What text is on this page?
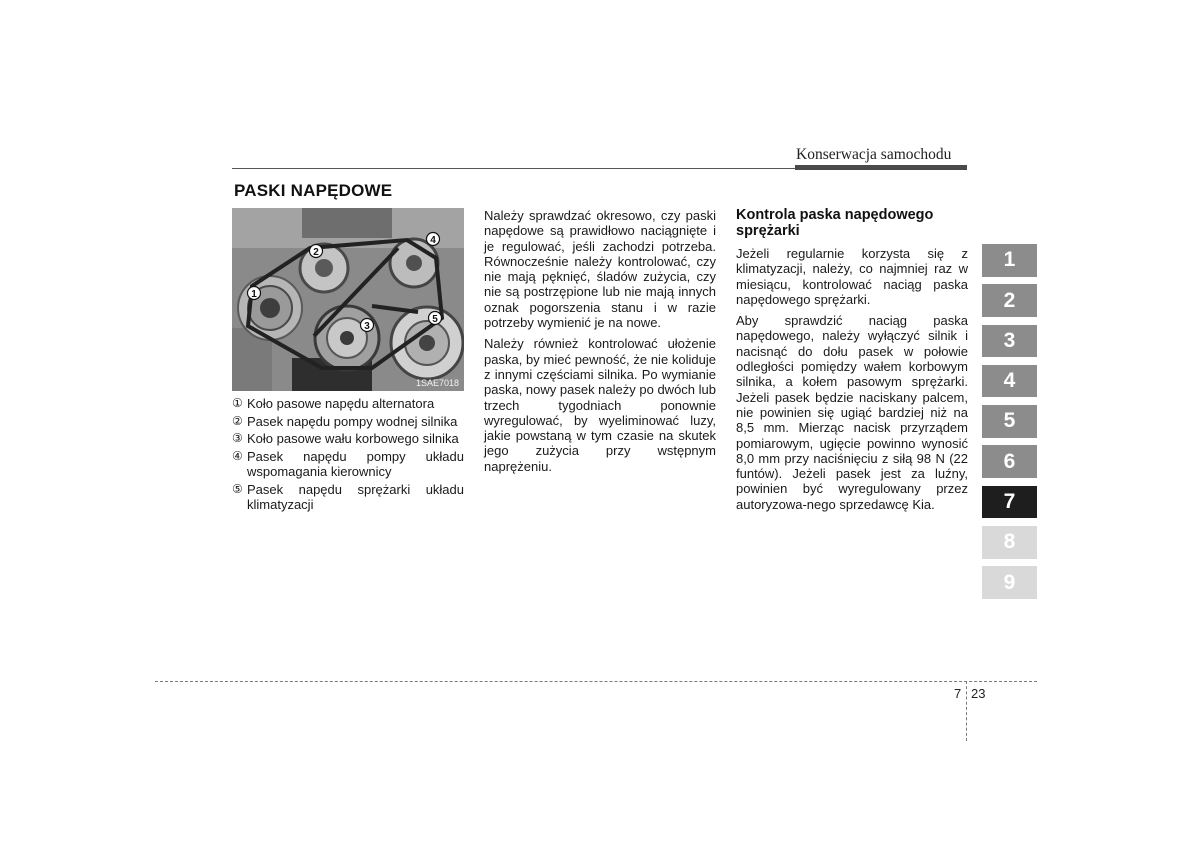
Konserwacja samochodu
PASKI NAPĘDOWE
1
2
3
4
5
1SAE7018
① Koło pasowe napędu alternatora
② Pasek napędu pompy wodnej silnika
③ Koło pasowe wału korbowego silnika
④ Pasek napędu pompy układu wspomagania kierownicy
⑤ Pasek napędu sprężarki układu klimatyzacji

Należy sprawdzać okresowo, czy paski napędowe są prawidłowo naciągnięte i je regulować, jeśli zachodzi potrzeba. Równocześnie należy kontrolować, czy nie mają pęknięć, śladów zużycia, czy nie są postrzępione lub nie mają innych oznak pogorszenia stanu i w razie potrzeby wymienić je na nowe.

Należy również kontrolować ułożenie paska, by mieć pewność, że nie koliduje z innymi częściami silnika. Po wymianie paska, nowy pasek należy po dwóch lub trzech tygodniach ponownie wyregulować, by wyeliminować luzy, jakie powstaną w tym czasie na skutek jego zużycia przy wstępnym naprężeniu.

Kontrola paska napędowego sprężarki

Jeżeli regularnie korzysta się z klimatyzacji, należy, co najmniej raz w miesiącu, kontrolować naciąg paska napędowego sprężarki.

Aby sprawdzić naciąg paska napędowego, należy wyłączyć silnik i nacisnąć do dołu pasek w połowie odległości pomiędzy wałem korbowym silnika, a kołem pasowym sprężarki. Jeżeli pasek będzie naciskany palcem, nie powinien się ugiąć bardziej niż na 8,5 mm. Mierząc nacisk przyrządem pomiarowym, ugięcie powinno wynosić 8,0 mm przy naciśnięciu z siłą 98 N (22 funtów). Jeżeli pasek jest za luźny, powinien być wyregulowany przez autoryzowa-nego sprzedawcę Kia.

1
2
3
4
5
6
7
8
9
7 23
